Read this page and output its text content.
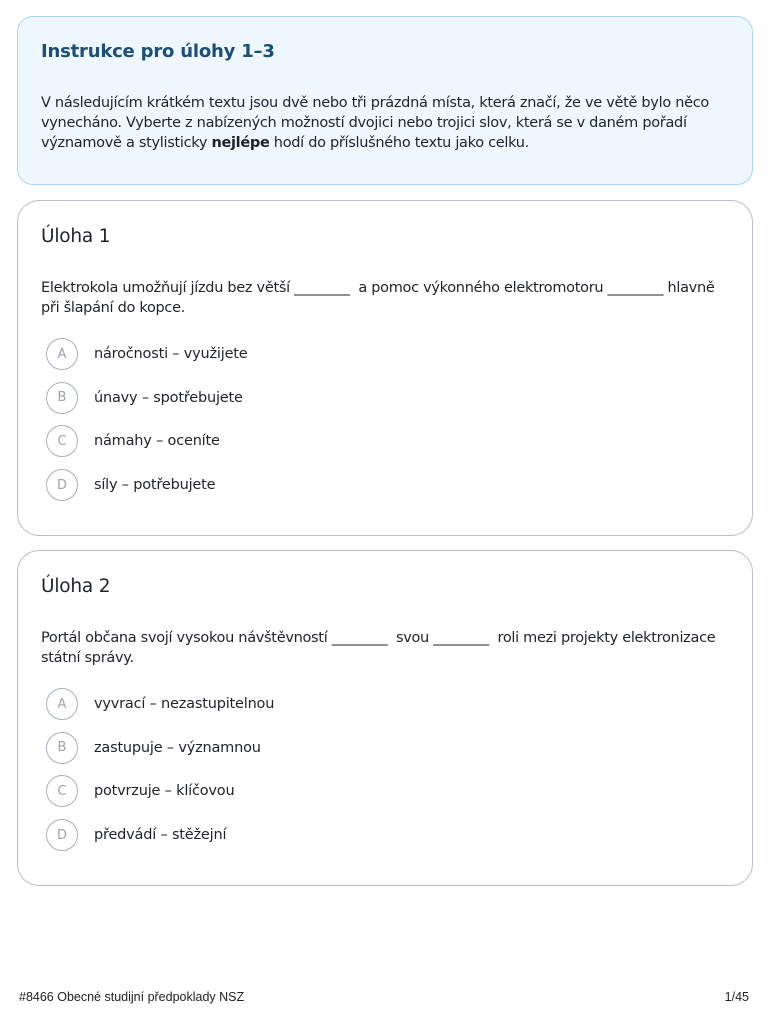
Instrukce pro úlohy 1–3

V následujícím krátkém textu jsou dvě nebo tři prázdná místa, která značí, že ve větě bylo něco vynecháno. Vyberte z nabízených možností dvojici nebo trojici slov, která se v daném pořadí významově a stylisticky nejlépe hodí do příslušného textu jako celku.

Úloha 1

Elektrokola umožňují jízdu bez větší ________  a pomoc výkonného elektromotoru ________ hlavně při šlapání do kopce.

A	náročnosti – využijete
B	únavy – spotřebujete
C	námahy – oceníte
D	síly – potřebujete
Úloha 2

Portál občana svojí vysokou návštěvností ________  svou ________  roli mezi projekty elektronizace státní správy.

A	vyvrací – nezastupitelnou
B	zastupuje – významnou
C	potvrzuje – klíčovou
D	předvádí – stěžejní
#8466 Obecné studijní předpoklady NSZ	1/45
